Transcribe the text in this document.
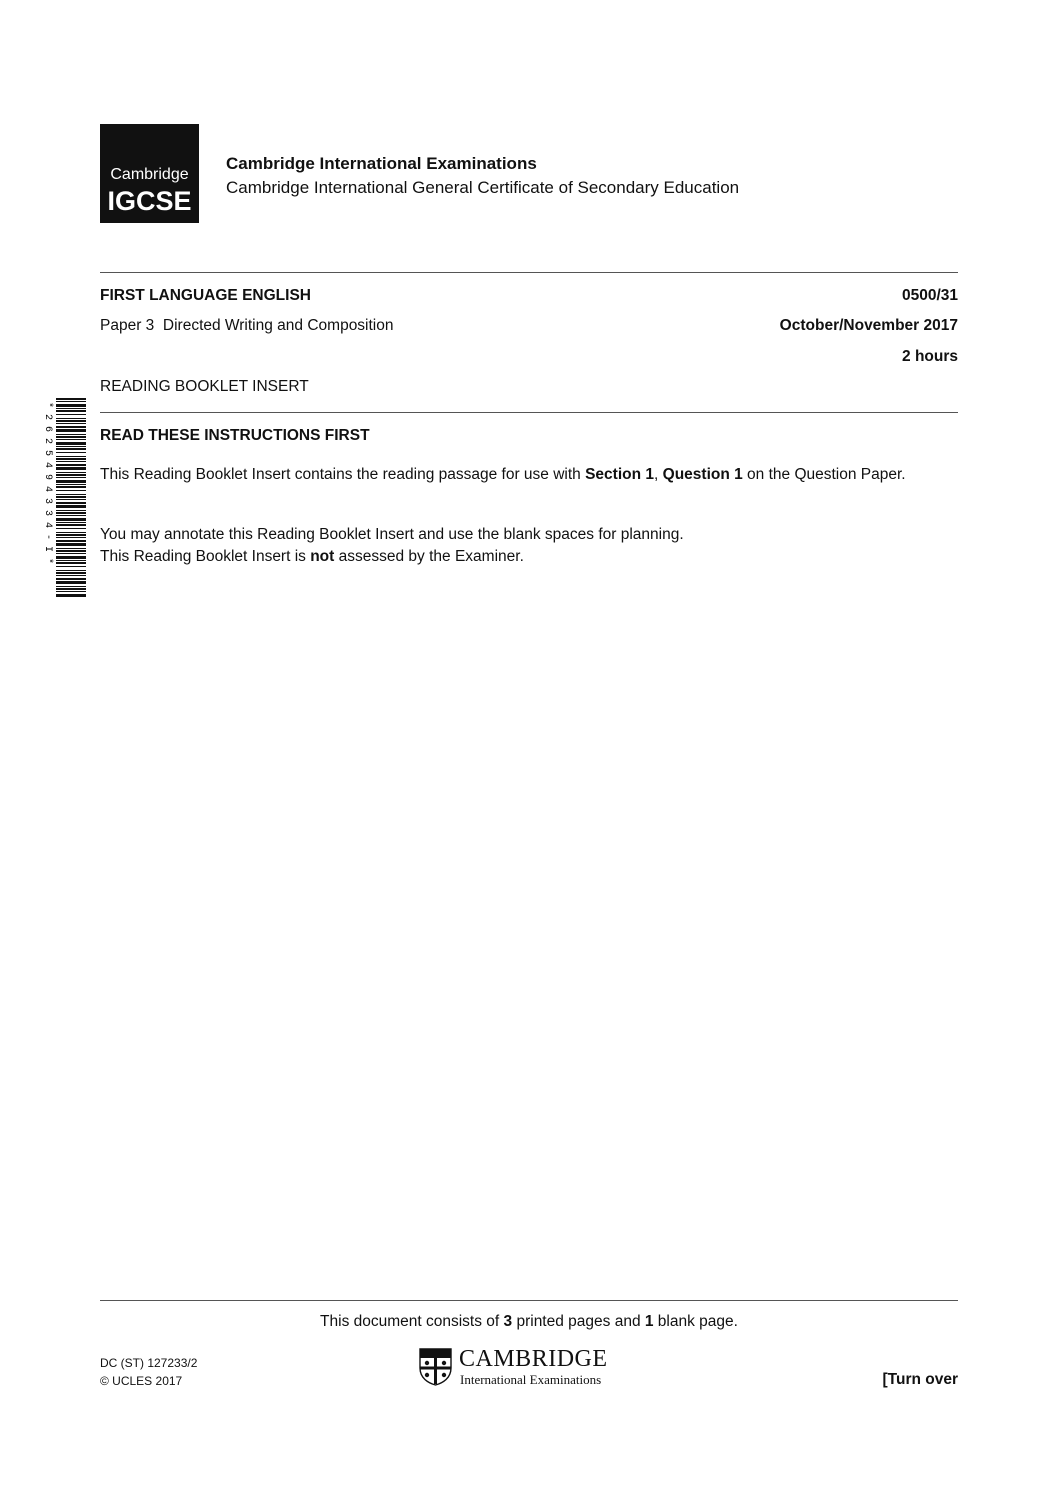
Cambridge
IGCSE
Cambridge International Examinations
Cambridge International General Certificate of Secondary Education
FIRST LANGUAGE ENGLISH	0500/31
Paper 3  Directed Writing and Composition	October/November 2017
2 hours
READING BOOKLET INSERT
* 2 6 2 5 4 9 4 3 3 4 - I *	READ THESE INSTRUCTIONS FIRST
This Reading Booklet Insert contains the reading passage for use with Section 1, Question 1 on the Question Paper.
You may annotate this Reading Booklet Insert and use the blank spaces for planning.
This Reading Booklet Insert is not assessed by the Examiner.
This document consists of 3 printed pages and 1 blank page.
DC (ST) 127233/2
© UCLES 2017
CAMBRIDGE
International Examinations	[Turn over
